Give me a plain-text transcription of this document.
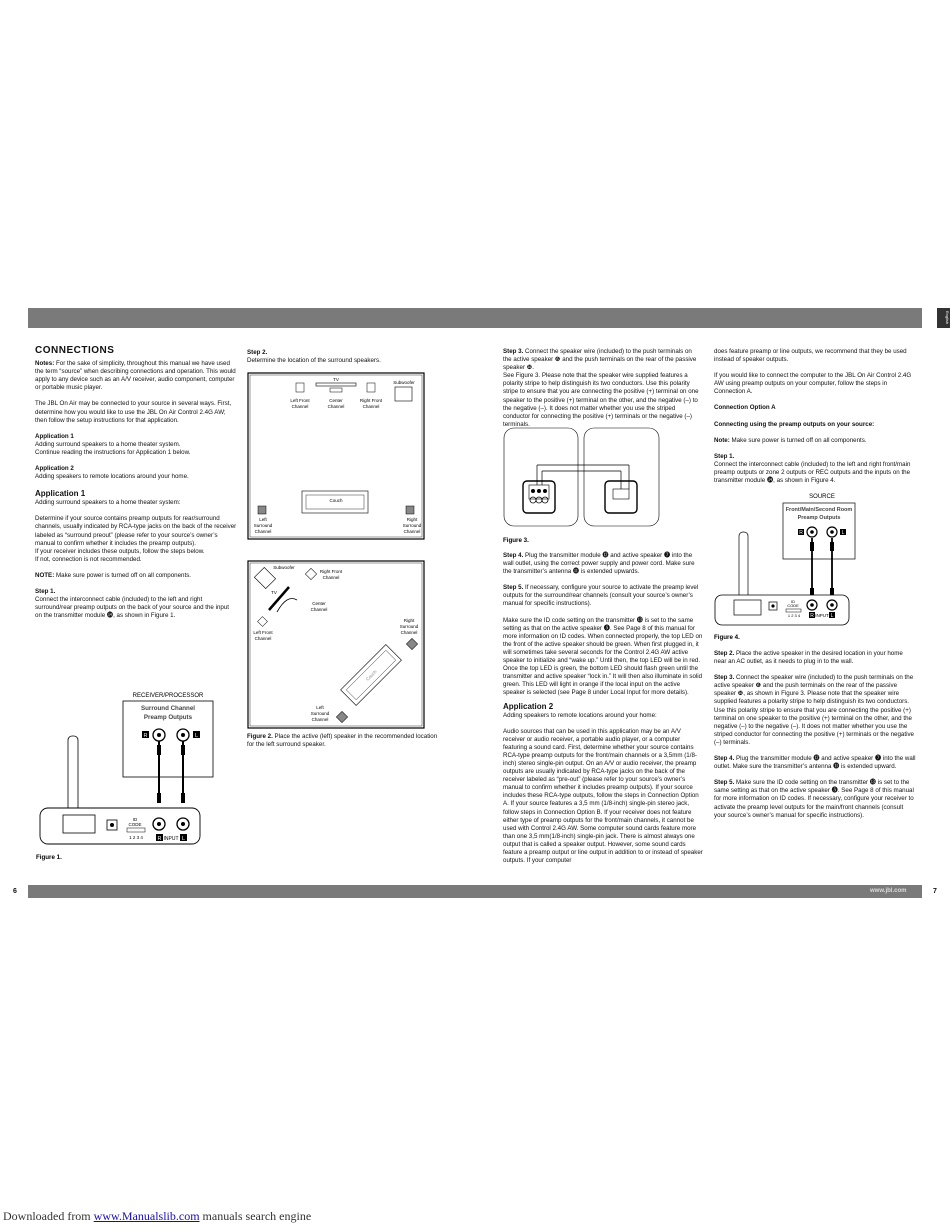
English
www.jbl.com
6	7
CONNECTIONS

Notes: For the sake of simplicity, throughout this manual we have used the term “source” when describing connections and operation. This would apply to any device such as an A/V receiver, audio component, computer or portable music player.

The JBL On Air may be connected to your source in several ways. First, determine how you would like to use the JBL On Air Control 2.4G AW; then follow the setup instructions for that application.

Application 1
Adding surround speakers to a home theater system.
Continue reading the instructions for Application 1 below.

Application 2
Adding speakers to remote locations around your home.

Application 1

Adding surround speakers to a home theater system:

Determine if your source contains preamp outputs for rear/surround channels, usually indicated by RCA-type jacks on the back of the receiver labeled as “surround preout” (please refer to your source’s owner’s manual to confirm whether it includes the preamp outputs).
If your receiver includes these outputs, follow the steps below.
If not, connection is not recommended.

NOTE: Make sure power is turned off on all components.

Step 1.
Connect the interconnect cable (included) to the left and right surround/rear preamp outputs on the back of your source and the input on the transmitter module ⓮, as shown in Figure 1.

RECEIVER/PROCESSOR
Surround Channel
Preamp Outputs
R	L
ID
CODE
1 2 3 4	R INPUT L
Figure 1.

Step 2.
Determine the location of the surround speakers.

TV
Subwoofer
Left Front
Channel
Center
Channel
Right Front
Channel
Couch
Left
Surround
Channel
Right
Surround
Channel
Subwoofer
Right Front
Channel
TV
Center
Channel
Left Front
Channel
Right
Surround
Channel
Couch
Left
Surround
Channel

Figure 2. Place the active (left) speaker in the recommended location for the left surround speaker.

Step 3. Connect the speaker wire (included) to the push terminals on the active speaker ❻ and the push terminals on the rear of the passive speaker ❿.

See Figure 3. Please note that the speaker wire supplied features a polarity stripe to help distinguish its two conductors. Use this polarity stripe to ensure that you are connecting the positive (+) terminal on one speaker to the positive (+) terminal on the other, and the negative (–) to the negative (–). It does not matter whether you use the striped conductor for connecting the positive (+) terminals or the negative (–) terminals.

Figure 3.

Step 4. Plug the transmitter module ⓬ and active speaker ❼ into the wall outlet, using the correct power supply and power cord. Make sure the transmitter’s antenna ⓫ is extended upwards.

Step 5. If necessary, configure your source to activate the preamp level outputs for the surround/rear channels (consult your source’s owner’s manual for specific instructions).

Make sure the ID code setting on the transmitter ⓭ is set to the same setting as that on the active speaker ❺. See Page 8 of this manual for more information on ID codes. When connected properly, the top LED on the front of the active speaker should be green. When first plugged in, it will sometimes take several seconds for the Control 2.4G AW active speaker to initialize and “wake up.” Until then, the top LED will be in red. Once the top LED is green, the bottom LED should flash green until the transmitter and active speaker “lock in.” It will then also illuminate in solid green. This LED will light in orange if the local input on the active speaker is selected (see Page 8 under Local Input for more details).

Application 2

Adding speakers to remote locations around your home:

Audio sources that can be used in this application may be an A/V receiver or audio receiver, a portable audio player, or a computer featuring a sound card. First, determine whether your source contains RCA-type preamp outputs for the front/main channels or a 3,5mm (1/8-inch) stereo single-pin output. On an A/V or audio receiver, the preamp outputs are usually indicated by RCA-type jacks on the back of the receiver labeled as “pre-out” (please refer to your source’s owner’s manual to confirm whether it includes preamp outputs). If your source includes these RCA-type outputs, follow the steps in Connection Option A. If your source features a 3,5 mm (1/8-inch) single-pin stereo jack, follow steps in Connection Option B. If your receiver does not feature either type of preamp outputs for the front/main channels, it cannot be used with Control 2.4G AW. Some computer sound cards feature more than one 3,5 mm(1/8-inch) single-pin jack. There is almost always one output that is called a speaker output. However, some sound cards feature a preamp output or line output in addition to or instead of speaker outputs. If your computer

does feature preamp or line outputs, we recommend that they be used instead of speaker outputs.

If you would like to connect the computer to the JBL On Air Control 2.4G AW using preamp outputs on your computer, follow the steps in Connection A.

Connection Option A

Connecting using the preamp outputs on your source:

Note: Make sure power is turned off on all components.

Step 1.
Connect the interconnect cable (included) to the left and right front/main preamp outputs or zone 2 outputs or REC outputs and the inputs on the transmitter module ⓮, as shown in Figure 4.

SOURCE
Front/Main/Second Room
Preamp Outputs
R	L
ID
CODE
1 2 3 4 R INPUT L
Figure 4.

Step 2. Place the active speaker in the desired location in your home near an AC outlet, as it needs to plug in to the wall.

Step 3. Connect the speaker wire (included) to the push terminals on the active speaker ❻ and the push terminals on the rear of the passive speaker ❿, as shown in Figure 3. Please note that the speaker wire supplied features a polarity stripe to help distinguish its two conductors. Use this polarity stripe to ensure that you are connecting the positive (+) terminal on one speaker to the positive (+) terminal on the other, and the negative (–) to the negative (–). It does not matter whether you use the striped conductor for connecting the positive (+) terminals or the negative (–) terminals.

Step 4. Plug the transmitter module ⓬ and active speaker ❼ into the wall outlet. Make sure the transmitter’s antenna ⓫ is extended upward.

Step 5. Make sure the ID code setting on the transmitter ⓭ is set to the same setting as that on the active speaker ❺. See Page 8 of this manual for more information on ID codes. If necessary, configure your receiver to activate the preamp level outputs for the main/front channels (consult your source’s owner’s manual for specific instructions).

Downloaded from www.Manualslib.com manuals search engine
